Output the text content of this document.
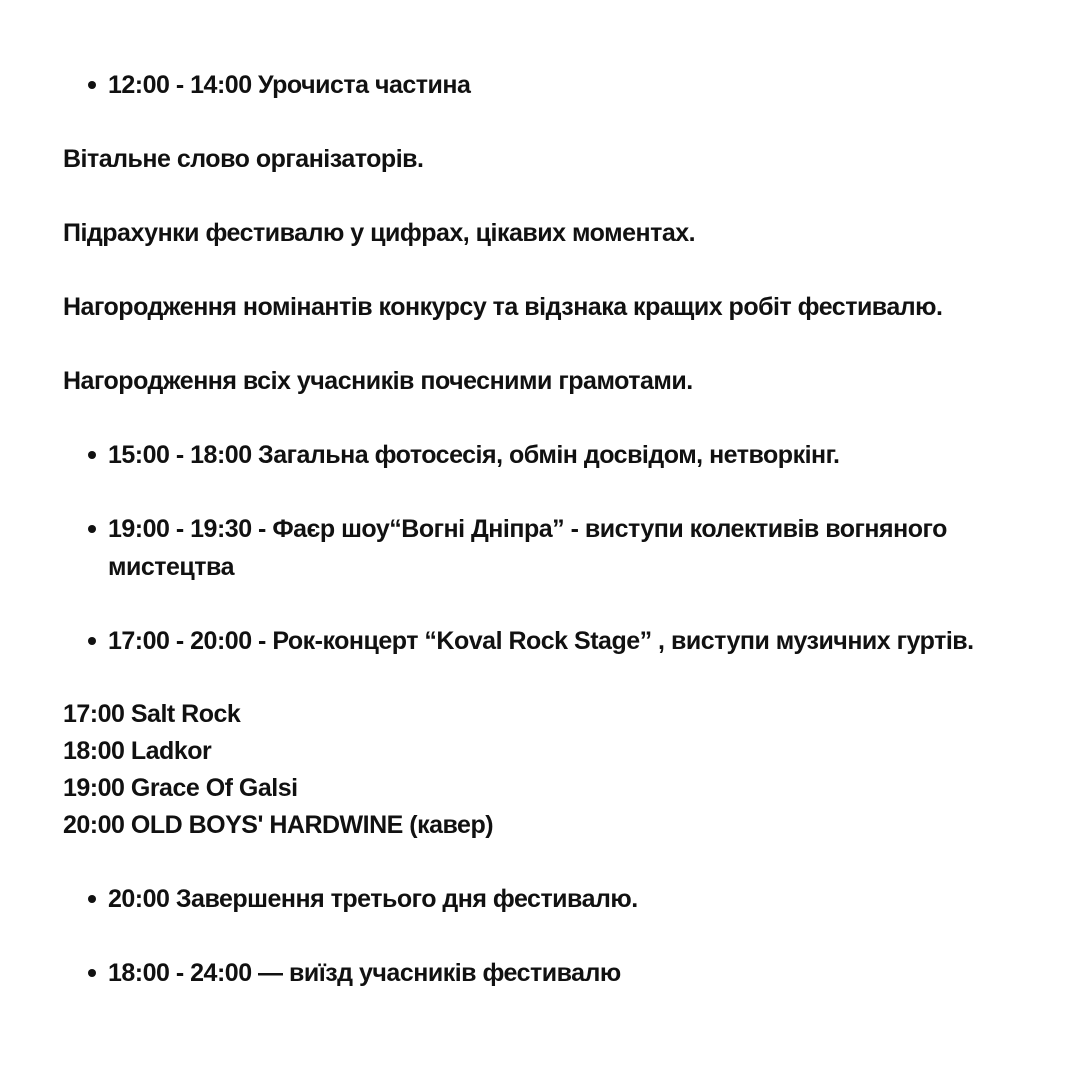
12:00 - 14:00 Урочиста частина

Вітальне слово організаторів.

Підрахунки фестивалю у цифрах, цікавих моментах.

Нагородження номінантів конкурсу та відзнака кращих робіт фестивалю.

Нагородження всіх учасників почесними грамотами.

15:00 - 18:00 Загальна фотосесія, обмін досвідом, нетворкінг.
19:00 - 19:30 - Фаєр шоу“Вогні Дніпра” - виступи колективів вогняного мистецтва
17:00 - 20:00 - Рок-концерт “Koval Rock Stage” , виступи музичних гуртів.
17:00 Salt Rock
18:00 Ladkor
19:00 Grace Of Galsi
20:00 OLD BOYS' HARDWINE (кавер)
20:00 Завершення третього дня фестивалю.
18:00 - 24:00 — виїзд учасників фестивалю
